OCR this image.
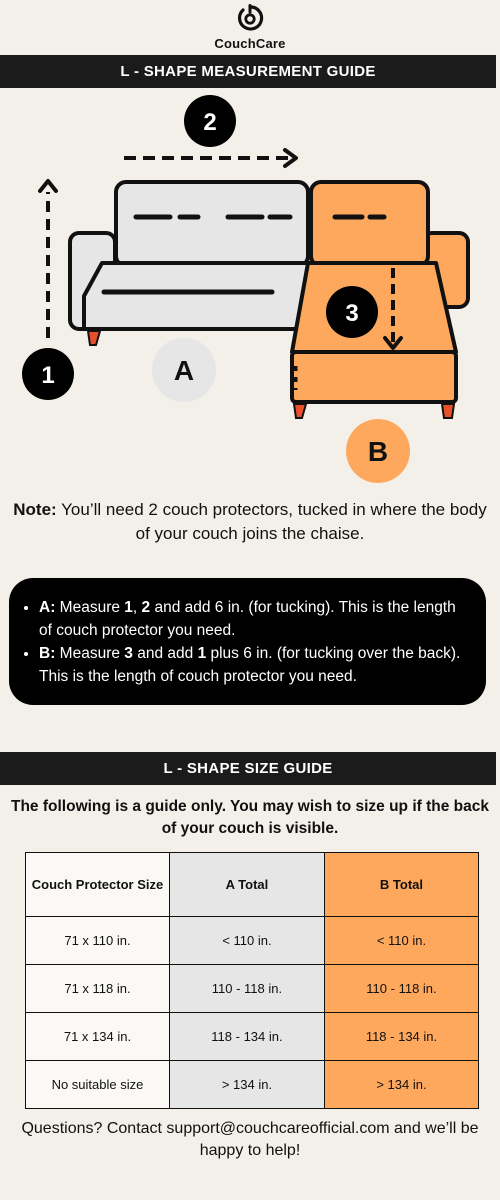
CouchCare
L - SHAPE MEASUREMENT GUIDE
1
2
3
A
B
Note: You’ll need 2 couch protectors, tucked in where the body of your couch joins the chaise.
• A: Measure 1, 2 and add 6 in. (for tucking). This is the length of couch protector you need.
• B: Measure 3 and add 1 plus 6 in. (for tucking over the back). This is the length of couch protector you need.
L - SHAPE SIZE GUIDE
The following is a guide only. You may wish to size up if the back of your couch is visible.
Couch Protector Size	A Total	B Total
71 x 110 in.	< 110 in.	< 110 in.
71 x 118 in.	110 - 118 in.	110 - 118 in.
71 x 134 in.	118 - 134 in.	118 - 134 in.
No suitable size	> 134 in.	> 134 in.
Questions? Contact support@couchcareofficial.com and we’ll be happy to help!
